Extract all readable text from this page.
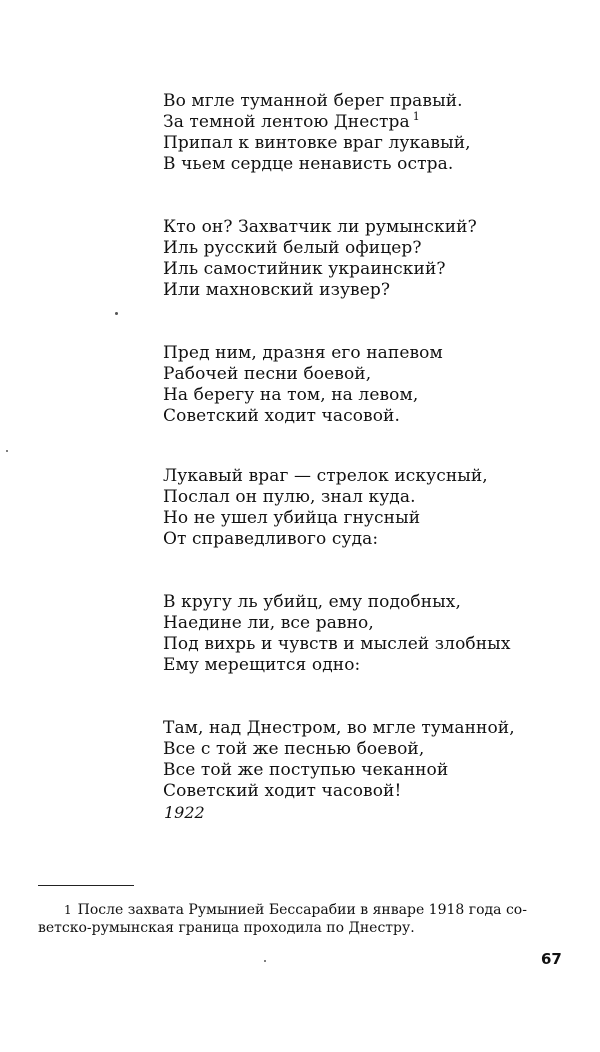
Во мгле туманной берег правый.
За темной лентою Днестра $^1$
Припал к винтовке враг лукавый,
В чьем сердце ненависть остра.
Кто он? Захватчик ли румынский?
Иль русский белый офицер?
Иль самостийник украинский?
Или махновский изувер?
Пред ним, дразня его напевом
Рабочей песни боевой,
На берегу на том, на левом,
Советский ходит часовой.
Лукавый враг — стрелок искусный,
Послал он пулю, знал куда.
Но не ушел убийца гнусный
От справедливого суда:
В кругу ль убийц, ему подобных,
Наедине ли, все равно,
Под вихрь и чувств и мыслей злобных
Ему мерещится одно:
Там, над Днестром, во мгле туманной,
Все с той же песнью боевой,
Все той же поступью чеканной
Советский ходит часовой!
1922
1 После захвата Румынией Бессарабии в январе 1918 года со-
ветско-румынская граница проходила по Днестру.
67
